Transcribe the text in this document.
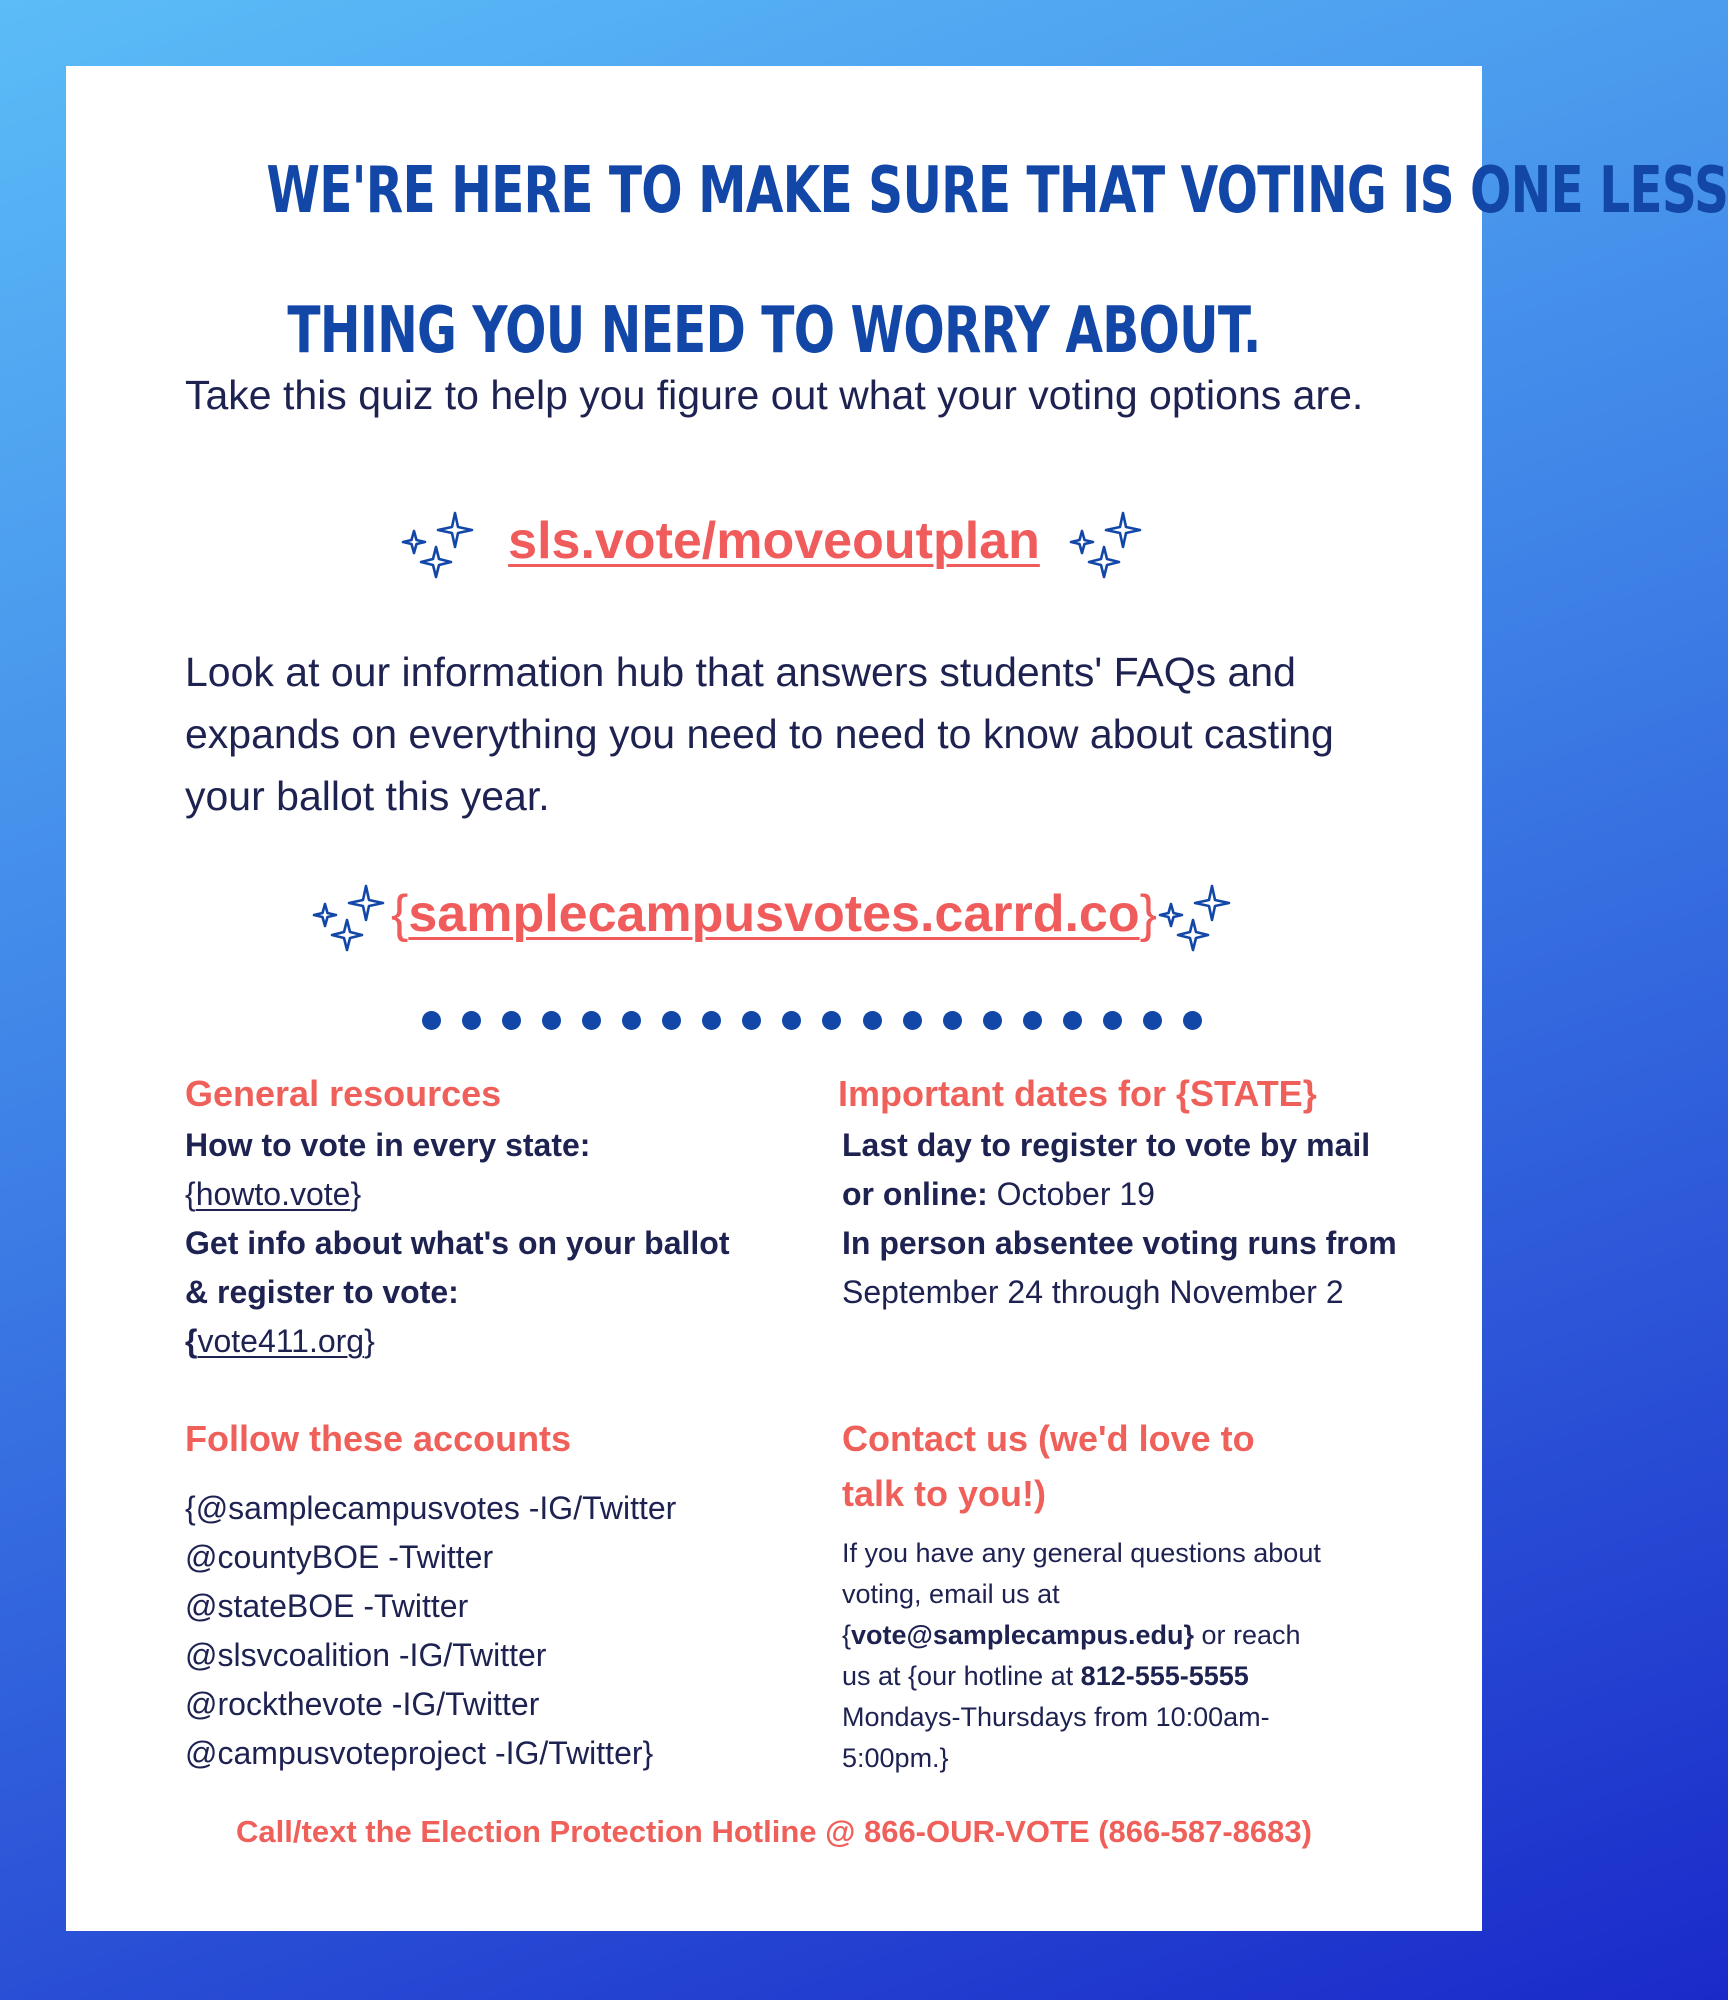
WE'RE HERE TO MAKE SURE THAT VOTING IS ONE LESS
THING YOU NEED TO WORRY ABOUT.
Take this quiz to help you figure out what your voting options are.
sls.vote/moveoutplan
Look at our information hub that answers students' FAQs and expands on everything you need to need to know about casting your ballot this year.
{samplecampusvotes.carrd.co}
General resources
How to vote in every state:
{howto.vote}
Get info about what's on your ballot & register to vote:
{vote411.org}
Important dates for {STATE}
Last day to register to vote by mail or online: October 19
In person absentee voting runs from September 24 through November 2
Follow these accounts
{@samplecampusvotes -IG/Twitter
@countyBOE -Twitter
@stateBOE -Twitter
@slsvcoalition -IG/Twitter
@rockthevote -IG/Twitter
@campusvoteproject -IG/Twitter}
Contact us (we'd love to talk to you!)
If you have any general questions about voting, email us at {vote@samplecampus.edu} or reach us at {our hotline at 812-555-5555 Mondays-Thursdays from 10:00am-5:00pm.}
Call/text the Election Protection Hotline @ 866-OUR-VOTE (866-587-8683)
